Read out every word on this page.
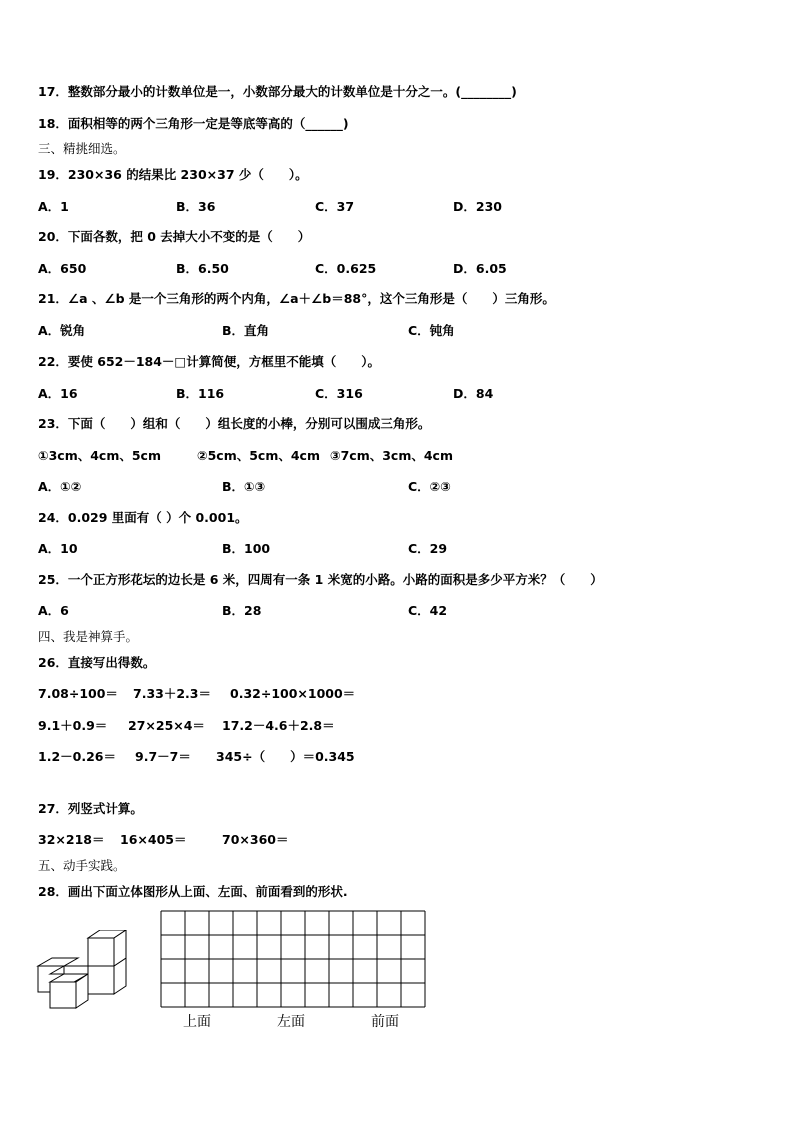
17．整数部分最小的计数单位是一，小数部分最大的计数单位是十分之一。(________)
18．面积相等的两个三角形一定是等底等高的（______)
三、精挑细选。
19．230×36 的结果比 230×37 少（　　）。
A．1	B．36	C．37	D．230
20．下面各数，把 0 去掉大小不变的是（　　）
A．650	B．6.50	C．0.625	D．6.05
21．∠a 、∠b 是一个三角形的两个内角，∠a＋∠b＝88°，这个三角形是（　　）三角形。
A．锐角	B．直角	C．钝角
22．要使 652－184－□计算简便，方框里不能填（　　）。
A．16	B．116	C．316	D．84
23．下面（　　）组和（　　）组长度的小棒，分别可以围成三角形。
①3cm、4cm、5cm	②5cm、5cm、4cm ③7cm、3cm、4cm
A．①②	B．①③	C．②③
24．0.029 里面有（ ）个 0.001。
A．10	B．100	C．29
25．一个正方形花坛的边长是 6 米，四周有一条 1 米宽的小路。小路的面积是多少平方米？（　　）
A．6	B．28	C．42
四、我是神算手。
26．直接写出得数。
7.08÷100＝ 7.33＋2.3＝ 0.32÷100×1000＝
9.1＋0.9＝ 27×25×4＝ 17.2－4.6＋2.8＝
1.2－0.26＝ 9.7－7＝ 345÷（　　）＝0.345
27．列竖式计算。
32×218＝ 16×405＝	70×360＝
五、动手实践。
28．画出下面立体图形从上面、左面、前面看到的形状.
上面	左面	前面
